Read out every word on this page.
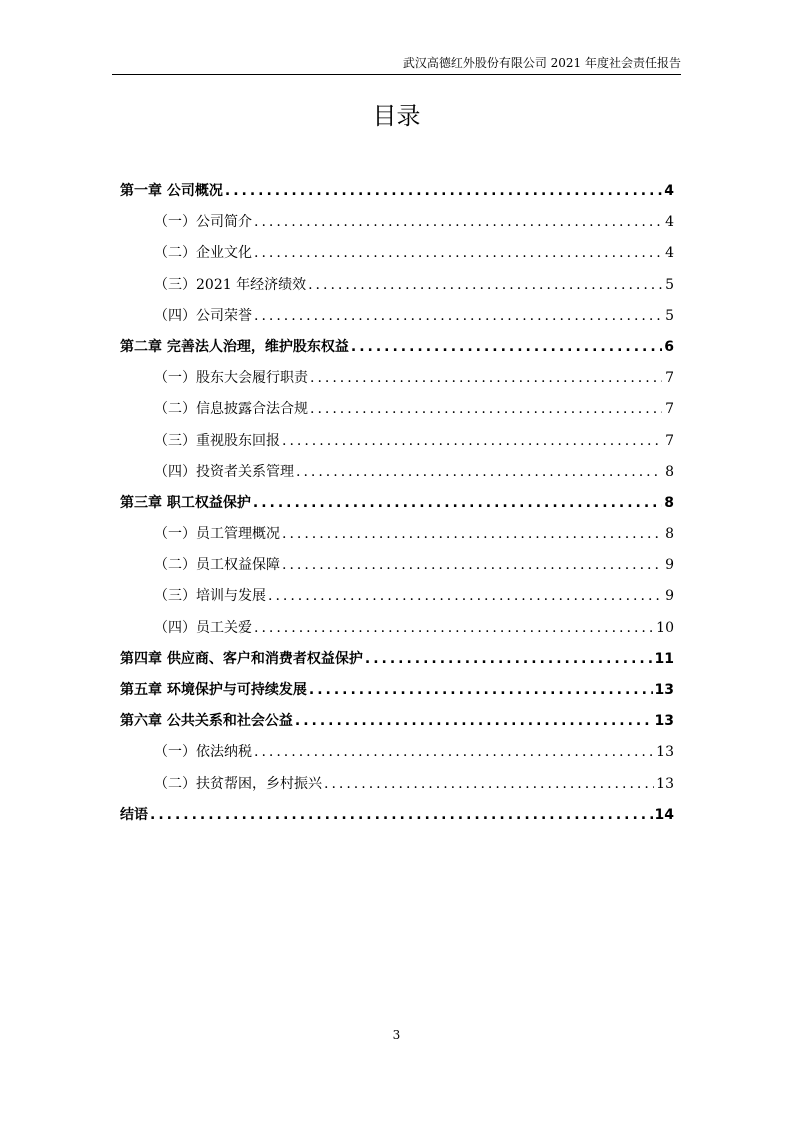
武汉高德红外股份有限公司 2021 年度社会责任报告
目录
第一章 公司概况 .....	4
（一）公司简介 .....	4
（二）企业文化 .....	4
（三）2021 年经济绩效 .....	5
（四）公司荣誉 .....	5
第二章 完善法人治理，维护股东权益 .....	6
（一）股东大会履行职责 .....	7
（二）信息披露合法合规 .....	7
（三）重视股东回报 .....	7
（四）投资者关系管理 .....	8
第三章 职工权益保护 .....	8
（一）员工管理概况 .....	8
（二）员工权益保障 .....	9
（三）培训与发展 .....	9
（四）员工关爱 .....	10
第四章 供应商、客户和消费者权益保护 .....	11
第五章 环境保护与可持续发展 .....	13
第六章 公共关系和社会公益 .....	13
（一）依法纳税 .....	13
（二）扶贫帮困，乡村振兴 .....	13
结语 .....	14
3
